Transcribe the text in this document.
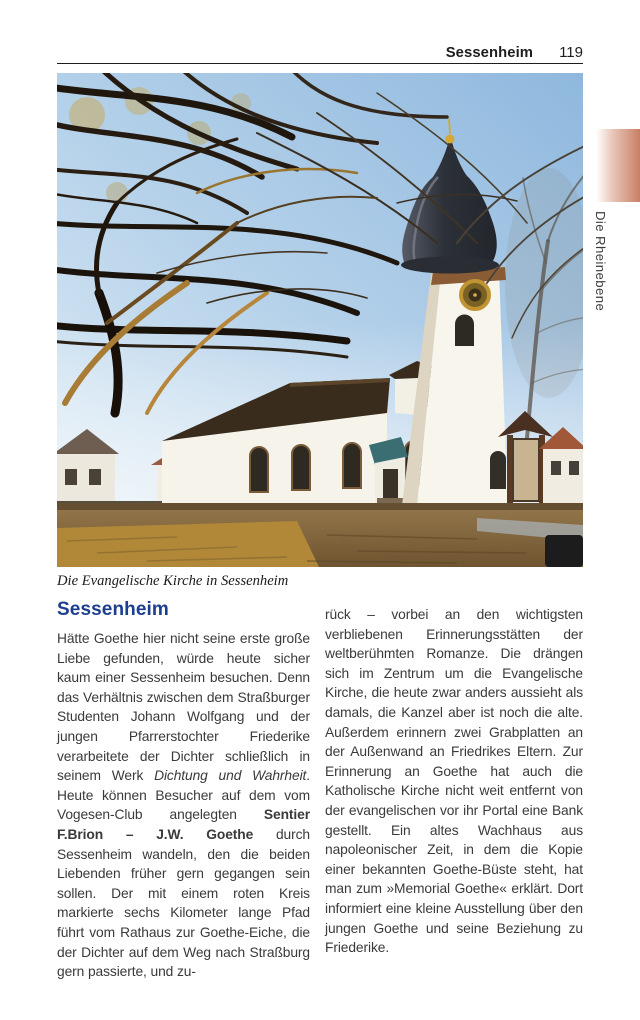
Sessenheim 119

Die Evangelische Kirche in Sessenheim

Sessenheim

Hätte Goethe hier nicht seine erste große Liebe gefunden, würde heute sicher kaum einer Sessenheim besuchen. Denn das Verhältnis zwischen dem Straßburger Studenten Johann Wolfgang und der jungen Pfarrerstochter Friederike verarbeitete der Dichter schließlich in seinem Werk Dichtung und Wahrheit. Heute können Besucher auf dem vom Vogesen-Club angelegten Sentier F.Brion – J.W. Goethe durch Sessenheim wandeln, den die beiden Liebenden früher gern gegangen sein sollen. Der mit einem roten Kreis markierte sechs Kilometer lange Pfad führt vom Rathaus zur Goethe-Eiche, die der Dichter auf dem Weg nach Straßburg gern passierte, und zu-

rück – vorbei an den wichtigsten verbliebenen Erinnerungsstätten der weltberühmten Romanze. Die drängen sich im Zentrum um die Evangelische Kirche, die heute zwar anders aussieht als damals, die Kanzel aber ist noch die alte. Außerdem erinnern zwei Grabplatten an der Außenwand an Friedrikes Eltern. Zur Erinnerung an Goethe hat auch die Katholische Kirche nicht weit entfernt von der evangelischen vor ihr Portal eine Bank gestellt. Ein altes Wachhaus aus napoleonischer Zeit, in dem die Kopie einer bekannten Goethe-Büste steht, hat man zum »Memorial Goethe« erklärt. Dort informiert eine kleine Ausstellung über den jungen Goethe und seine Beziehung zu Friederike.

Die Rheinebene
